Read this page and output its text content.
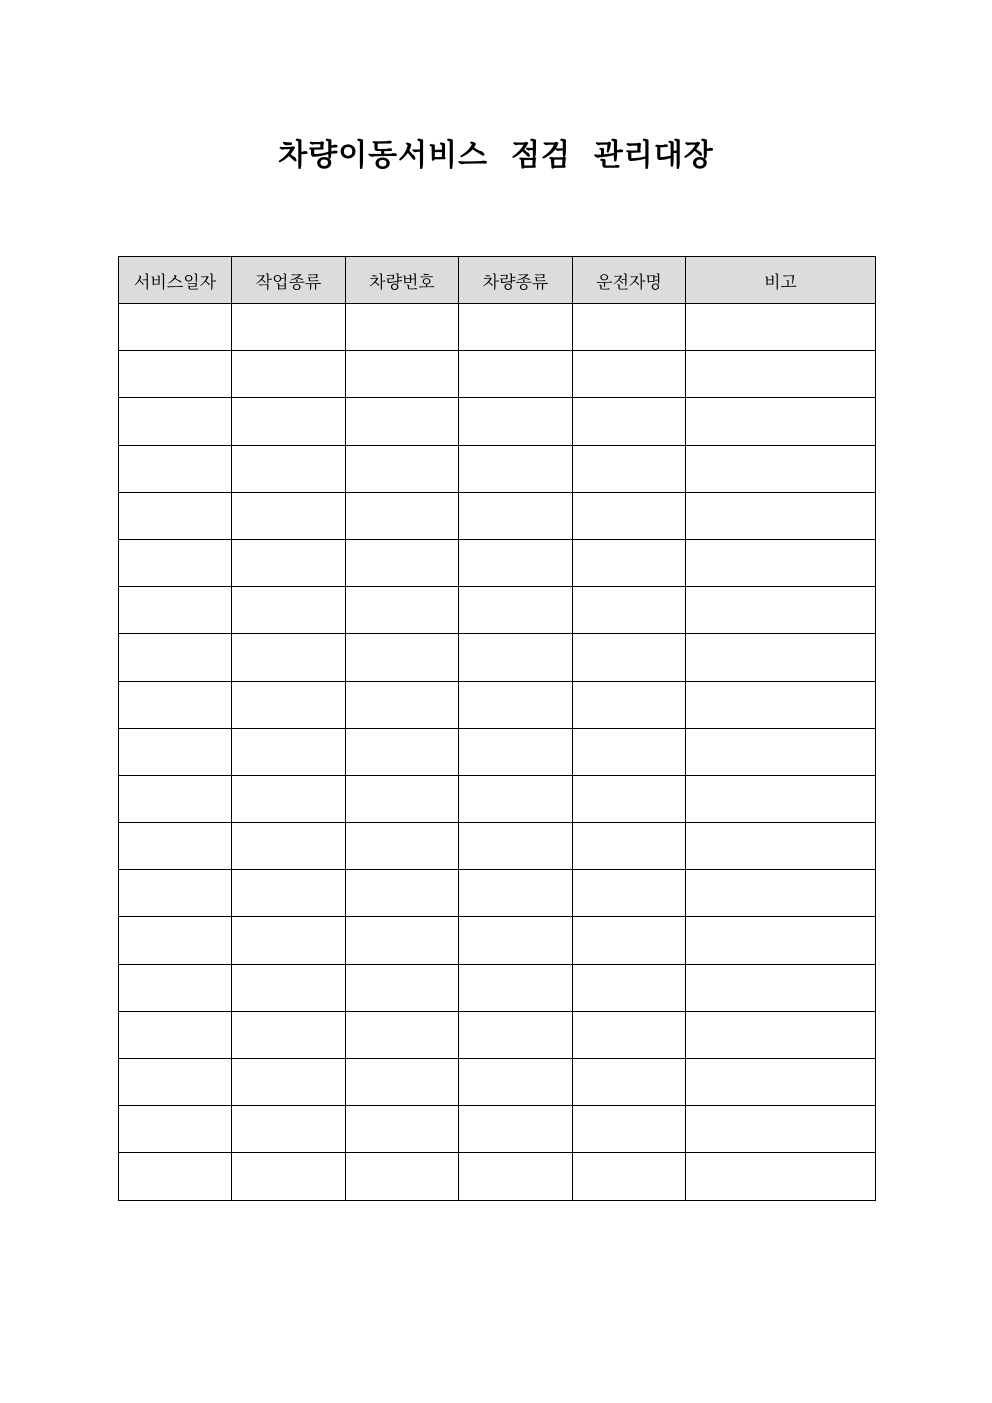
차량이동서비스  점검  관리대장
서비스일자	작업종류	차량번호	차량종류	운전자명	비고
